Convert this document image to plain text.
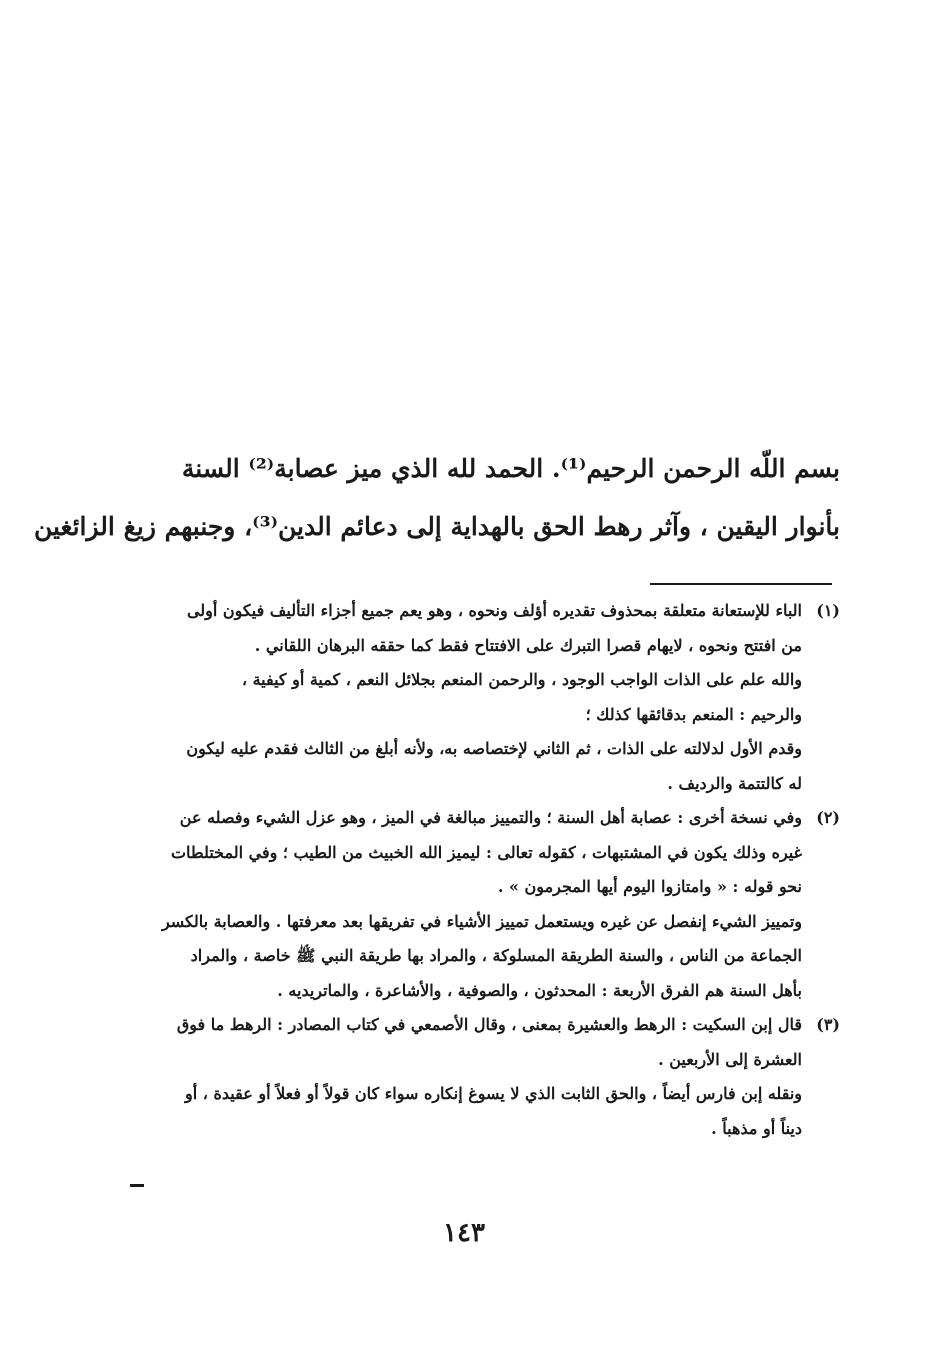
بسم اللّه الرحمن الرحيم⁽¹⁾. الحمد لله الذي ميز عصابة⁽²⁾ السنة
بأنوار اليقين ، وآثر رهط الحق بالهداية إلى دعائم الدين⁽³⁾، وجنبهم زيغ الزائغين
(١)الباء للإستعانة متعلقة بمحذوف تقديره أؤلف ونحوه ، وهو يعم جميع أجزاء التأليف فيكون أولى
من افتتح ونحوه ، لايهام قصرا التبرك على الافتتاح فقط كما حققه البرهان اللقاني .
والله علم على الذات الواجب الوجود ، والرحمن المنعم بجلائل النعم ، كمية أو كيفية ،
والرحيم : المنعم بدقائقها كذلك ؛
وقدم الأول لدلالته على الذات ، ثم الثاني لإختصاصه به، ولأنه أبلغ من الثالث فقدم عليه ليكون
له كالتتمة والرديف .
(٢)وفي نسخة أخرى : عصابة أهل السنة ؛ والتمييز مبالغة في الميز ، وهو عزل الشيء وفصله عن
غيره وذلك يكون في المشتبهات ، كقوله تعالى : ليميز الله الخبيث من الطيب ؛ وفي المختلطات
نحو قوله : « وامتازوا اليوم أيها المجرمون » .
وتمييز الشيء إنفصل عن غيره ويستعمل تمييز الأشياء في تفريقها بعد معرفتها . والعصابة بالكسر
الجماعة من الناس ، والسنة الطريقة المسلوكة ، والمراد بها طريقة النبي ﷺ خاصة ، والمراد
بأهل السنة هم الفرق الأربعة : المحدثون ، والصوفية ، والأشاعرة ، والماتريديه .
(٣)قال إبن السكيت : الرهط والعشيرة بمعنى ، وقال الأصمعي في كتاب المصادر : الرهط ما فوق
العشرة إلى الأربعين .
ونقله إبن فارس أيضاً ، والحق الثابت الذي لا يسوغ إنكاره سواء كان قولاً أو فعلاً أو عقيدة ، أو
ديناً أو مذهباً .
١٤٣
